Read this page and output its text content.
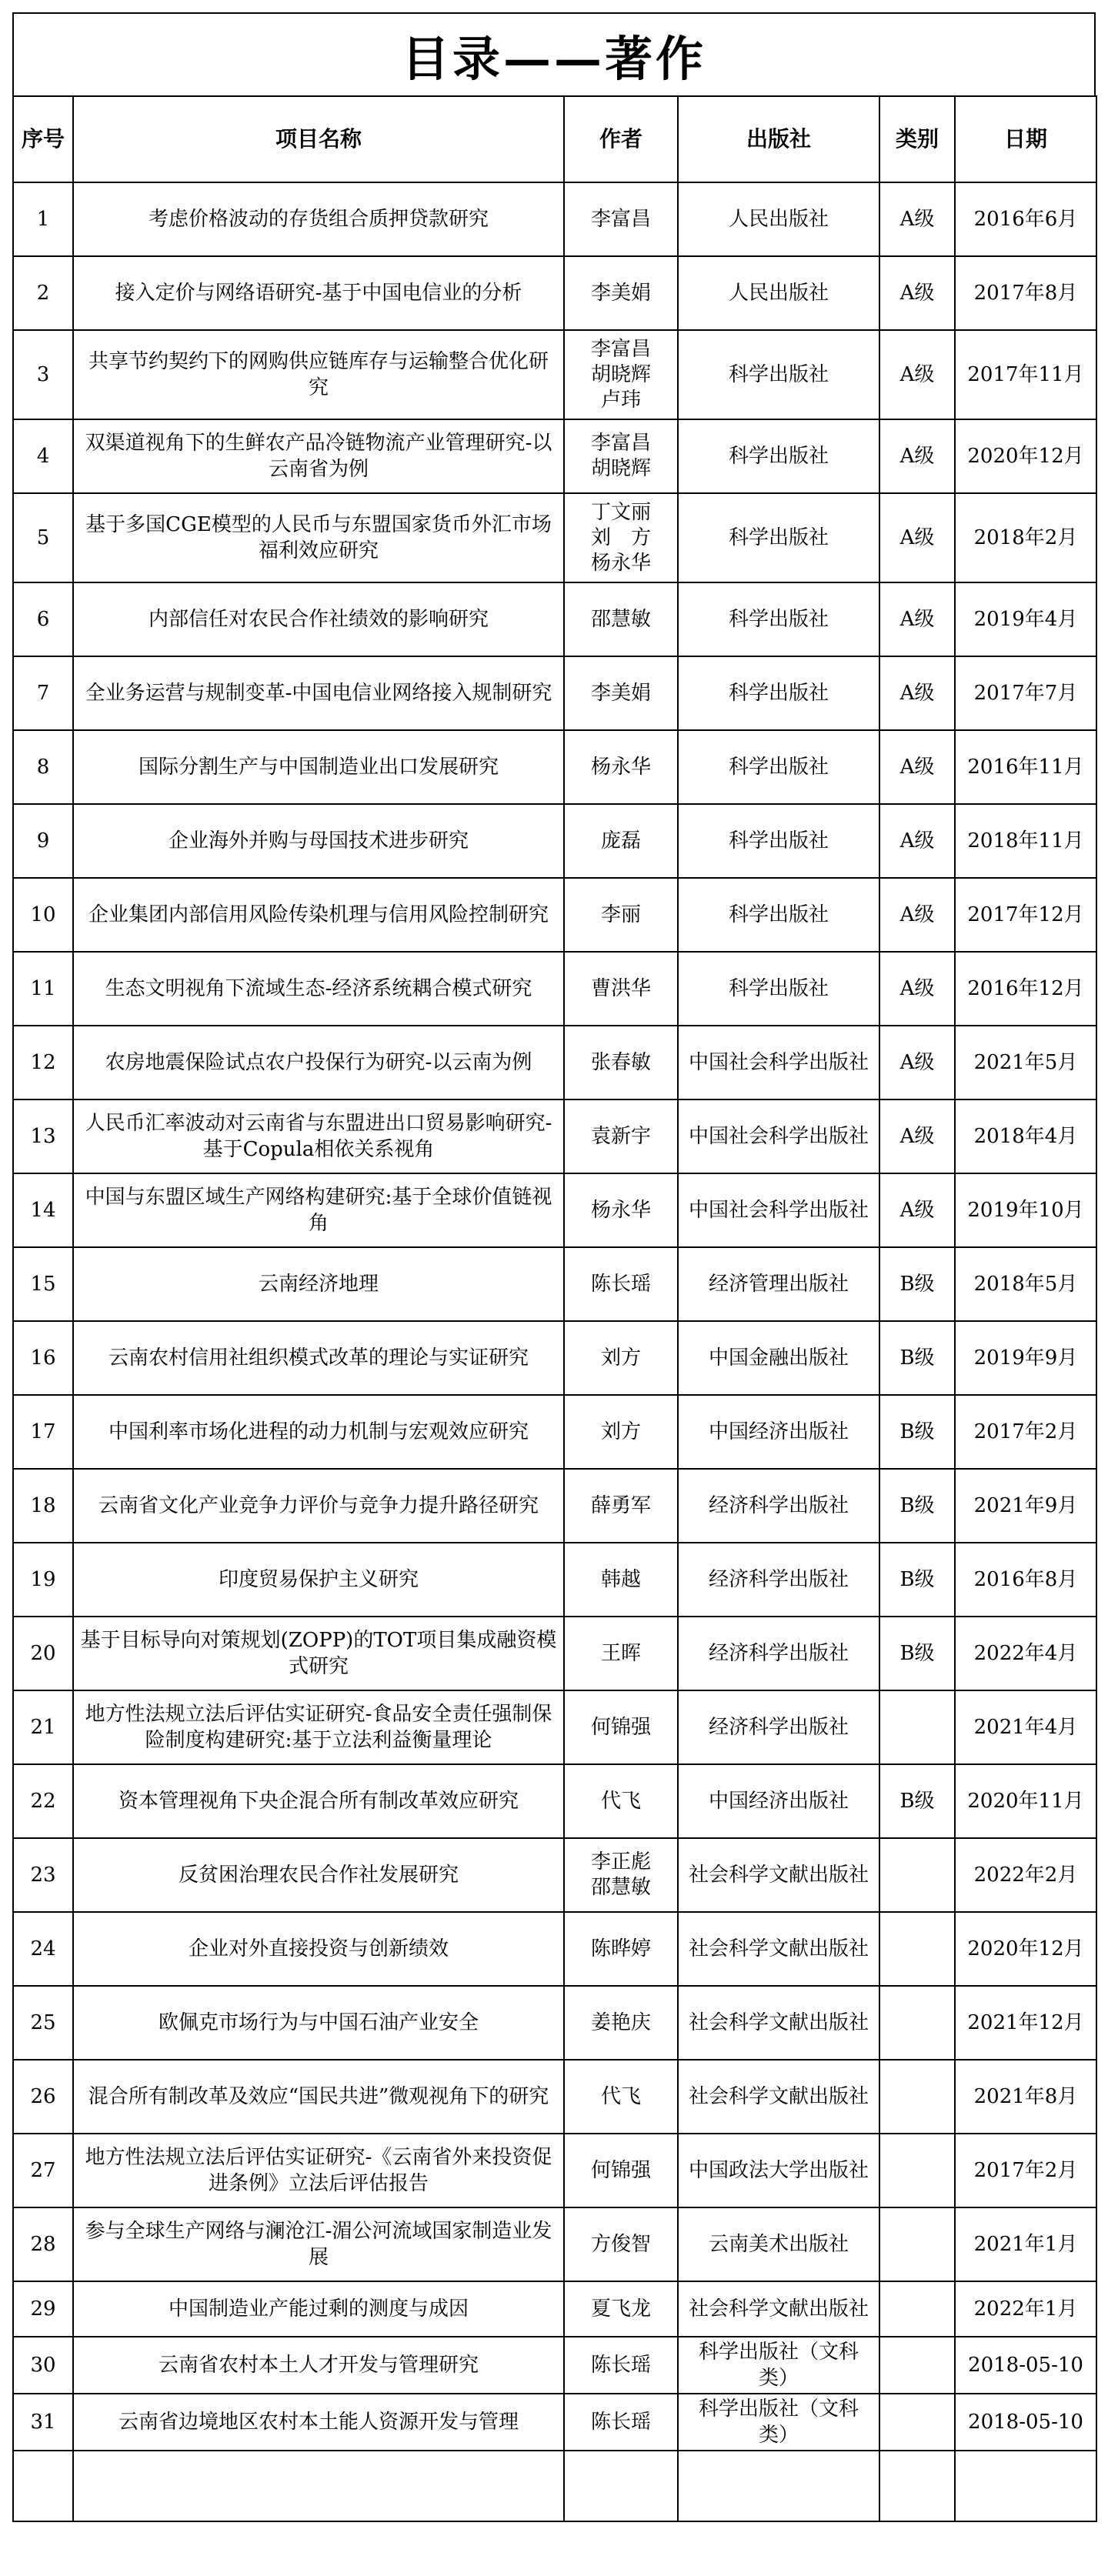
目录——著作
序号	项目名称	作者	出版社	类别	日期
1	考虑价格波动的存货组合质押贷款研究	李富昌	人民出版社	A级	2016年6月
2	接入定价与网络语研究-基于中国电信业的分析	李美娟	人民出版社	A级	2017年8月
3	共享节约契约下的网购供应链库存与运输整合优化研究	李富昌
胡晓辉
卢玮	科学出版社	A级	2017年11月
4	双渠道视角下的生鲜农产品冷链物流产业管理研究-以云南省为例	李富昌
胡晓辉	科学出版社	A级	2020年12月
5	基于多国CGE模型的人民币与东盟国家货币外汇市场福利效应研究	丁文丽
刘　方
杨永华	科学出版社	A级	2018年2月
6	内部信任对农民合作社绩效的影响研究	邵慧敏	科学出版社	A级	2019年4月
7	全业务运营与规制变革-中国电信业网络接入规制研究	李美娟	科学出版社	A级	2017年7月
8	国际分割生产与中国制造业出口发展研究	杨永华	科学出版社	A级	2016年11月
9	企业海外并购与母国技术进步研究	庞磊	科学出版社	A级	2018年11月
10	企业集团内部信用风险传染机理与信用风险控制研究	李丽	科学出版社	A级	2017年12月
11	生态文明视角下流域生态-经济系统耦合模式研究	曹洪华	科学出版社	A级	2016年12月
12	农房地震保险试点农户投保行为研究-以云南为例	张春敏	中国社会科学出版社	A级	2021年5月
13	人民币汇率波动对云南省与东盟进出口贸易影响研究-基于Copula相依关系视角	袁新宇	中国社会科学出版社	A级	2018年4月
14	中国与东盟区域生产网络构建研究:基于全球价值链视角	杨永华	中国社会科学出版社	A级	2019年10月
15	云南经济地理	陈长瑶	经济管理出版社	B级	2018年5月
16	云南农村信用社组织模式改革的理论与实证研究	刘方	中国金融出版社	B级	2019年9月
17	中国利率市场化进程的动力机制与宏观效应研究	刘方	中国经济出版社	B级	2017年2月
18	云南省文化产业竞争力评价与竞争力提升路径研究	薛勇军	经济科学出版社	B级	2021年9月
19	印度贸易保护主义研究	韩越	经济科学出版社	B级	2016年8月
20	基于目标导向对策规划(ZOPP)的TOT项目集成融资模式研究	王晖	经济科学出版社	B级	2022年4月
21	地方性法规立法后评估实证研究-食品安全责任强制保险制度构建研究:基于立法利益衡量理论	何锦强	经济科学出版社		2021年4月
22	资本管理视角下央企混合所有制改革效应研究	代飞	中国经济出版社	B级	2020年11月
23	反贫困治理农民合作社发展研究	李正彪
邵慧敏	社会科学文献出版社		2022年2月
24	企业对外直接投资与创新绩效	陈晔婷	社会科学文献出版社		2020年12月
25	欧佩克市场行为与中国石油产业安全	姜艳庆	社会科学文献出版社		2021年12月
26	混合所有制改革及效应“国民共进”微观视角下的研究	代飞	社会科学文献出版社		2021年8月
27	地方性法规立法后评估实证研究-《云南省外来投资促进条例》立法后评估报告	何锦强	中国政法大学出版社		2017年2月
28	参与全球生产网络与澜沧江-湄公河流域国家制造业发展	方俊智	云南美术出版社		2021年1月
29	中国制造业产能过剩的测度与成因	夏飞龙	社会科学文献出版社		2022年1月
30	云南省农村本土人才开发与管理研究	陈长瑶	科学出版社（文科类）		2018-05-10
31	云南省边境地区农村本土能人资源开发与管理	陈长瑶	科学出版社（文科类）		2018-05-10
